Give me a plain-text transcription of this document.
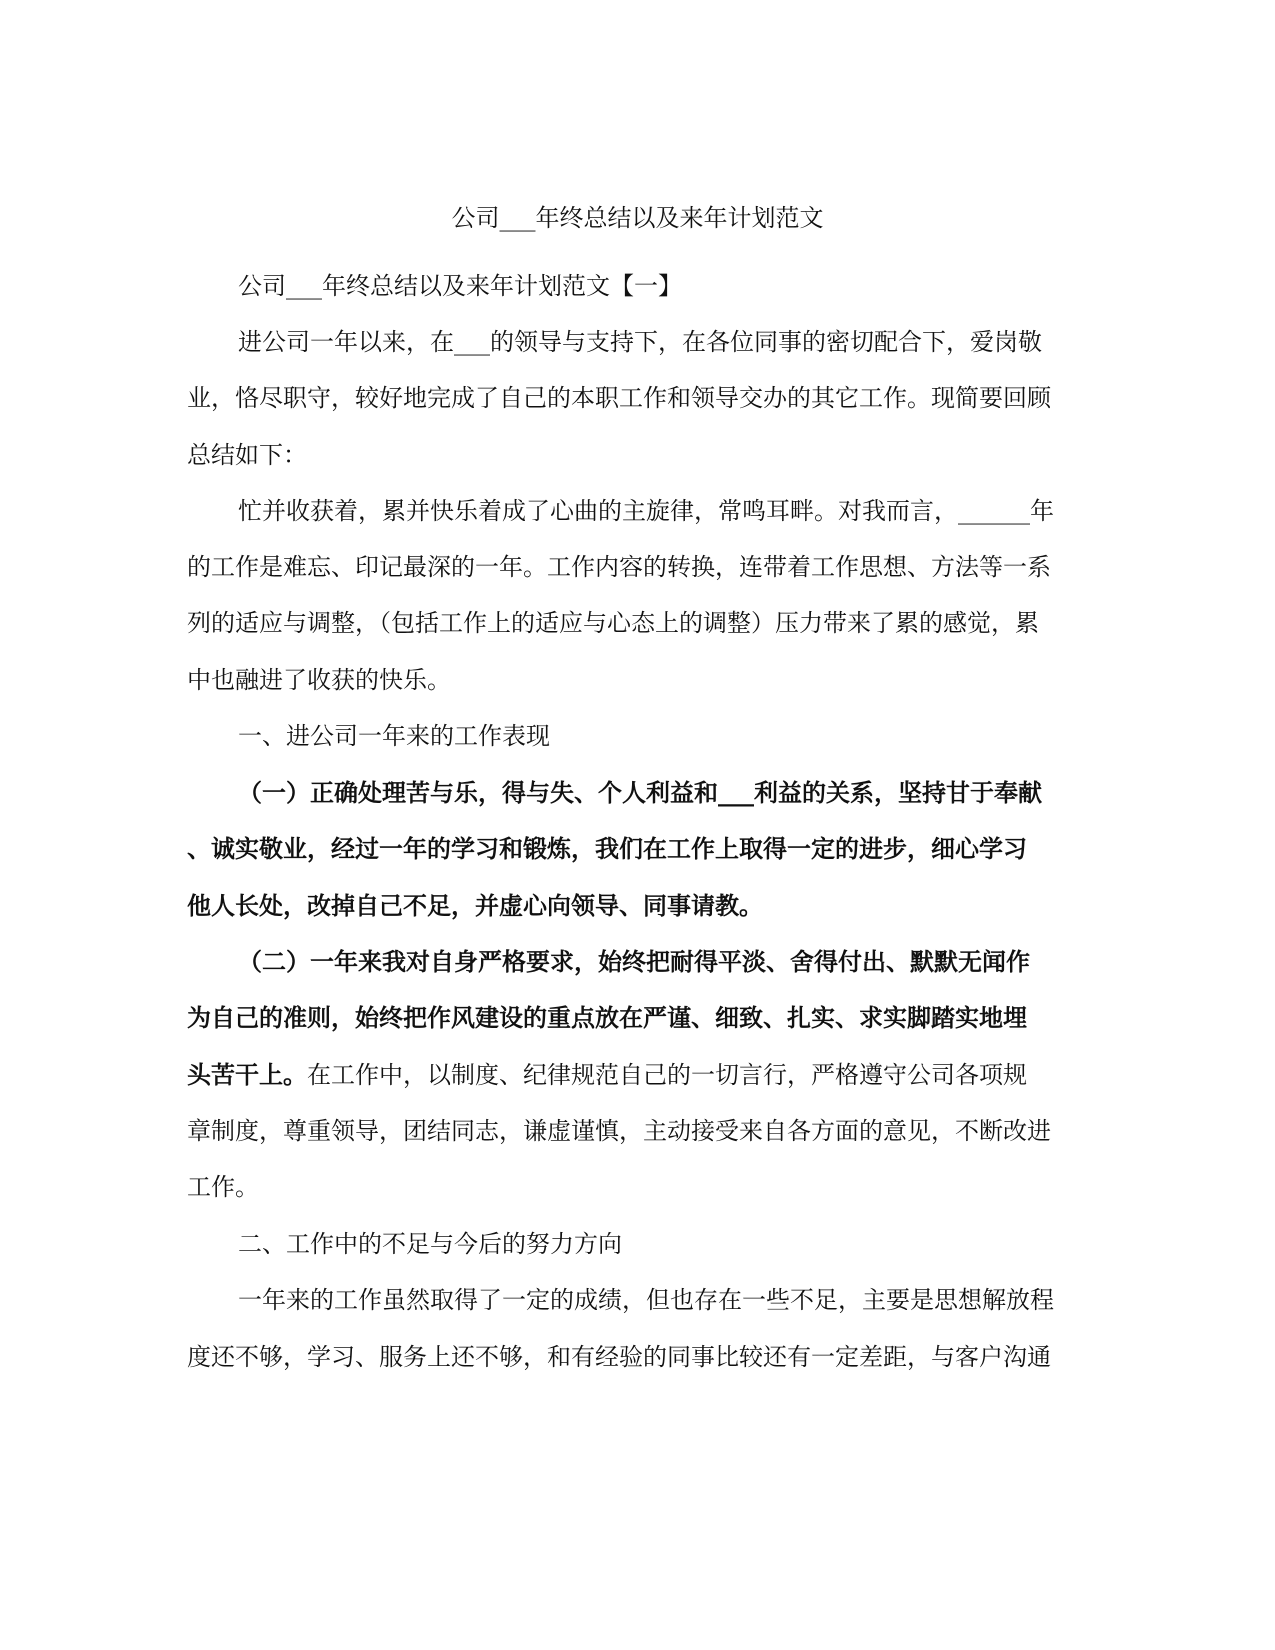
公司___年终总结以及来年计划范文
公司___年终总结以及来年计划范文【一】
进公司一年以来，在___的领导与支持下，在各位同事的密切配合下，爱岗敬
业，恪尽职守，较好地完成了自己的本职工作和领导交办的其它工作。现简要回顾
总结如下：
忙并收获着，累并快乐着成了心曲的主旋律，常鸣耳畔。对我而言，______年
的工作是难忘、印记最深的一年。工作内容的转换，连带着工作思想、方法等一系
列的适应与调整，（包括工作上的适应与心态上的调整）压力带来了累的感觉，累
中也融进了收获的快乐。
一、进公司一年来的工作表现
（一）正确处理苦与乐，得与失、个人利益和___利益的关系，坚持甘于奉献
、诚实敬业，经过一年的学习和锻炼，我们在工作上取得一定的进步，细心学习
他人长处，改掉自己不足，并虚心向领导、同事请教。
（二）一年来我对自身严格要求，始终把耐得平淡、舍得付出、默默无闻作
为自己的准则，始终把作风建设的重点放在严谨、细致、扎实、求实脚踏实地埋
头苦干上。在工作中，以制度、纪律规范自己的一切言行，严格遵守公司各项规
章制度，尊重领导，团结同志，谦虚谨慎，主动接受来自各方面的意见，不断改进
工作。
二、工作中的不足与今后的努力方向
一年来的工作虽然取得了一定的成绩，但也存在一些不足，主要是思想解放程
度还不够，学习、服务上还不够，和有经验的同事比较还有一定差距，与客户沟通
